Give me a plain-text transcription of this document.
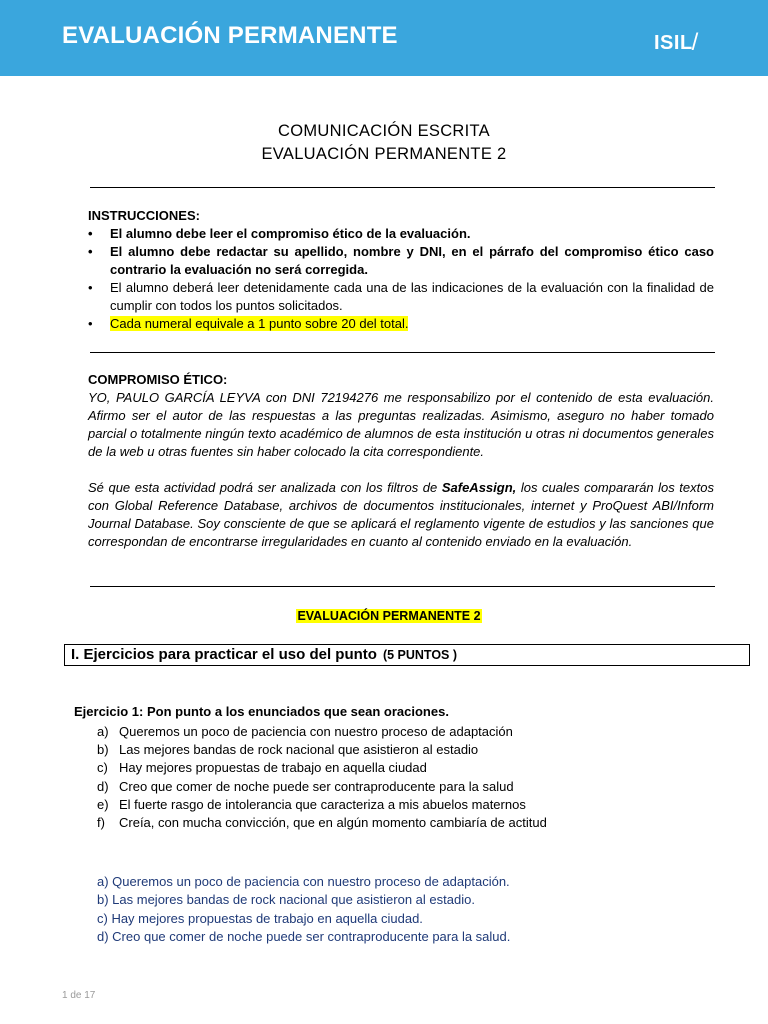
EVALUACIÓN PERMANENTE	ISIL/
COMUNICACIÓN ESCRITA
EVALUACIÓN PERMANENTE 2
INSTRUCCIONES:
• El alumno debe leer el compromiso ético de la evaluación.
• El alumno debe redactar su apellido, nombre y DNI, en el párrafo del compromiso ético caso contrario la evaluación no será corregida.
• El alumno deberá leer detenidamente cada una de las indicaciones de la evaluación con la finalidad de cumplir con todos los puntos solicitados.
• Cada numeral equivale a 1 punto sobre 20 del total.
COMPROMISO ÉTICO:

YO, PAULO GARCÍA LEYVA con DNI 72194276 me responsabilizo por el contenido de esta evaluación. Afirmo ser el autor de las respuestas a las preguntas realizadas. Asimismo, aseguro no haber tomado parcial o totalmente ningún texto académico de alumnos de esta institución u otras ni documentos generales de la web u otras fuentes sin haber colocado la cita correspondiente.

Sé que esta actividad podrá ser analizada con los filtros de SafeAssign, los cuales compararán los textos con Global Reference Database, archivos de documentos institucionales, internet y ProQuest ABI/Inform Journal Database. Soy consciente de que se aplicará el reglamento vigente de estudios y las sanciones que correspondan de encontrarse irregularidades en cuanto al contenido enviado en la evaluación.

EVALUACIÓN PERMANENTE 2
I. Ejercicios para practicar el uso del punto (5 PUNTOS )
Ejercicio 1: Pon punto a los enunciados que sean oraciones.
a) Queremos un poco de paciencia con nuestro proceso de adaptación
b) Las mejores bandas de rock nacional que asistieron al estadio
c) Hay mejores propuestas de trabajo en aquella ciudad
d) Creo que comer de noche puede ser contraproducente para la salud
e) El fuerte rasgo de intolerancia que caracteriza a mis abuelos maternos
f) Creía, con mucha convicción, que en algún momento cambiaría de actitud
a) Queremos un poco de paciencia con nuestro proceso de adaptación.
b) Las mejores bandas de rock nacional que asistieron al estadio.
c) Hay mejores propuestas de trabajo en aquella ciudad.
d) Creo que comer de noche puede ser contraproducente para la salud.
1 de 17
